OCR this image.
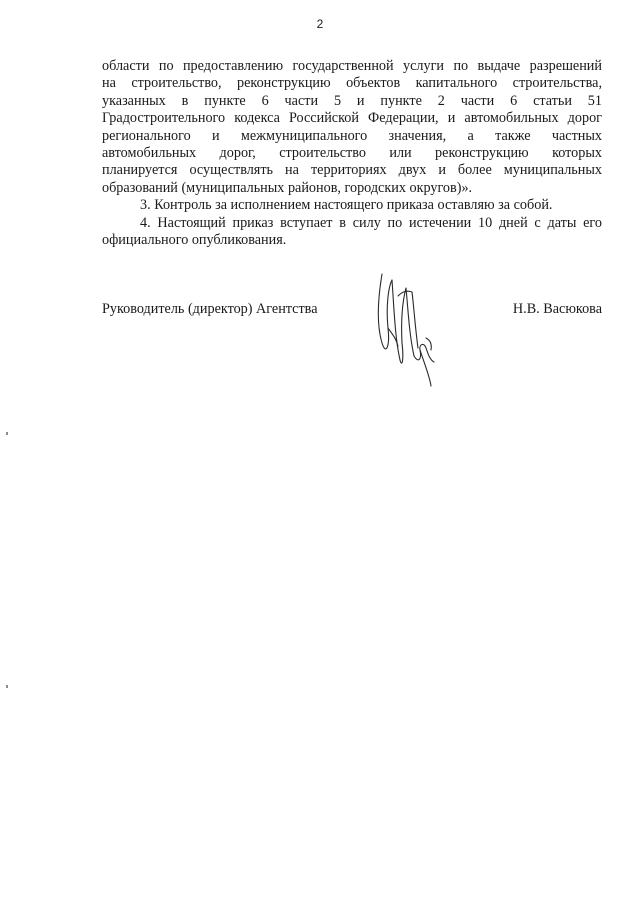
2
области по предоставлению государственной услуги по выдаче разрешений
на строительство, реконструкцию объектов капитального строительства,
указанных в пункте 6 части 5 и пункте 2 части 6 статьи 51
Градостроительного кодекса Российской Федерации, и автомобильных дорог
регионального и межмуниципального значения, а также частных
автомобильных дорог, строительство или реконструкцию которых
планируется осуществлять на территориях двух и более муниципальных
образований (муниципальных районов, городских округов)».
3. Контроль за исполнением настоящего приказа оставляю за собой.
4. Настоящий приказ вступает в силу по истечении 10 дней с даты его
официального опубликования.
Руководитель (директор) Агентства	Н.В. Васюкова
